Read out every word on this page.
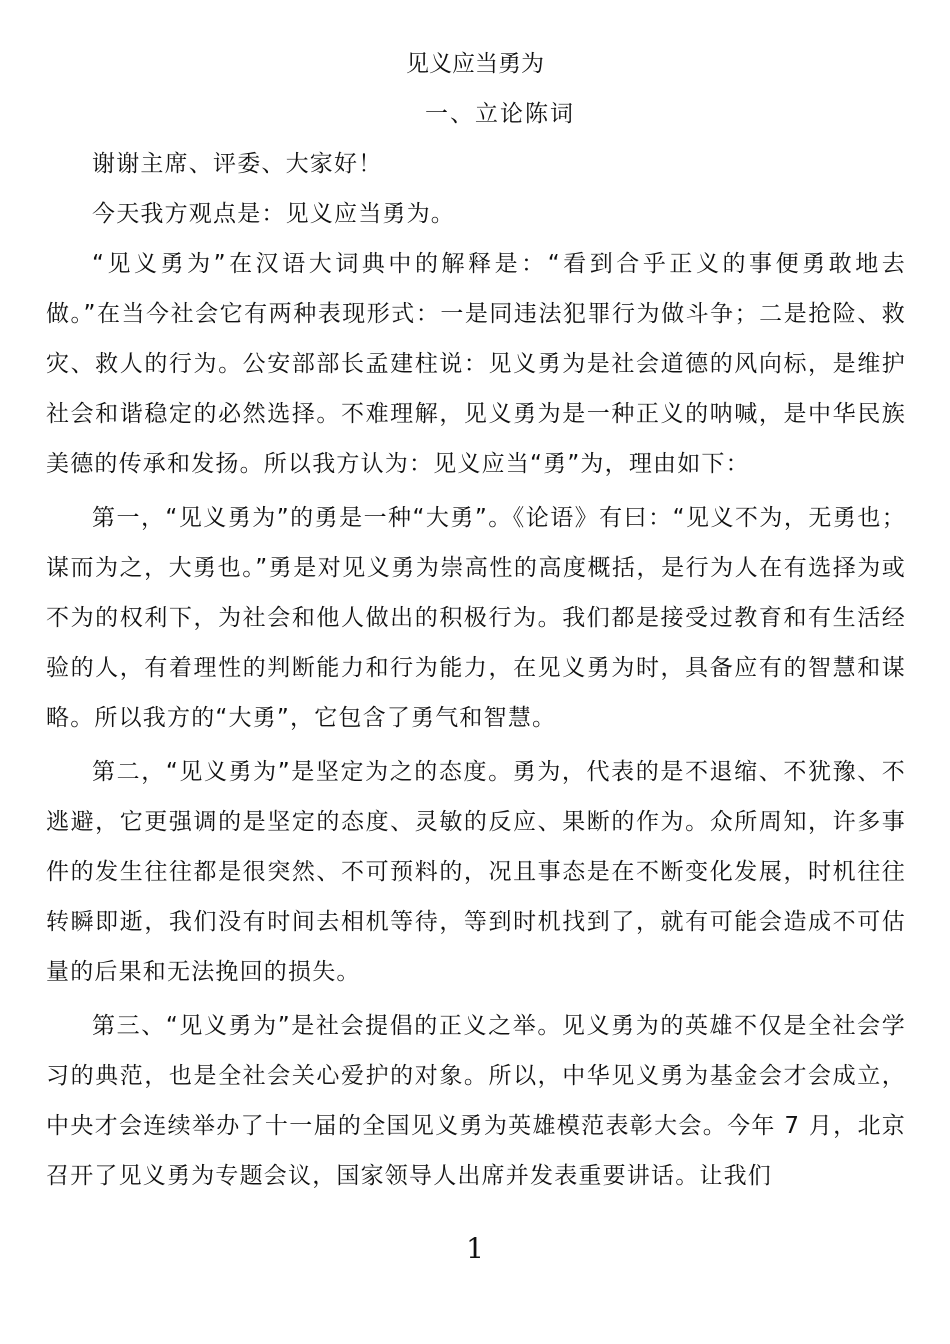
见义应当勇为
一、立论陈词

谢谢主席、评委、大家好！

今天我方观点是：见义应当勇为。

“见义勇为”在汉语大词典中的解释是：“看到合乎正义的事便勇敢地去做。”在当今社会它有两种表现形式：一是同违法犯罪行为做斗争；二是抢险、救灾、救人的行为。公安部部长孟建柱说：见义勇为是社会道德的风向标，是维护社会和谐稳定的必然选择。不难理解，见义勇为是一种正义的呐喊，是中华民族美德的传承和发扬。所以我方认为：见义应当“勇”为，理由如下：

第一，“见义勇为”的勇是一种“大勇”。《论语》有曰：“见义不为，无勇也；谋而为之，大勇也。”勇是对见义勇为崇高性的高度概括，是行为人在有选择为或不为的权利下，为社会和他人做出的积极行为。我们都是接受过教育和有生活经验的人，有着理性的判断能力和行为能力，在见义勇为时，具备应有的智慧和谋略。所以我方的“大勇”，它包含了勇气和智慧。

第二，“见义勇为”是坚定为之的态度。勇为，代表的是不退缩、不犹豫、不逃避，它更强调的是坚定的态度、灵敏的反应、果断的作为。众所周知，许多事件的发生往往都是很突然、不可预料的，况且事态是在不断变化发展，时机往往转瞬即逝，我们没有时间去相机等待，等到时机找到了，就有可能会造成不可估量的后果和无法挽回的损失。

第三、“见义勇为”是社会提倡的正义之举。见义勇为的英雄不仅是全社会学习的典范，也是全社会关心爱护的对象。所以，中华见义勇为基金会才会成立，中央才会连续举办了十一届的全国见义勇为英雄模范表彰大会。今年 7 月，北京召开了见义勇为专题会议，国家领导人出席并发表重要讲话。让我们

1
